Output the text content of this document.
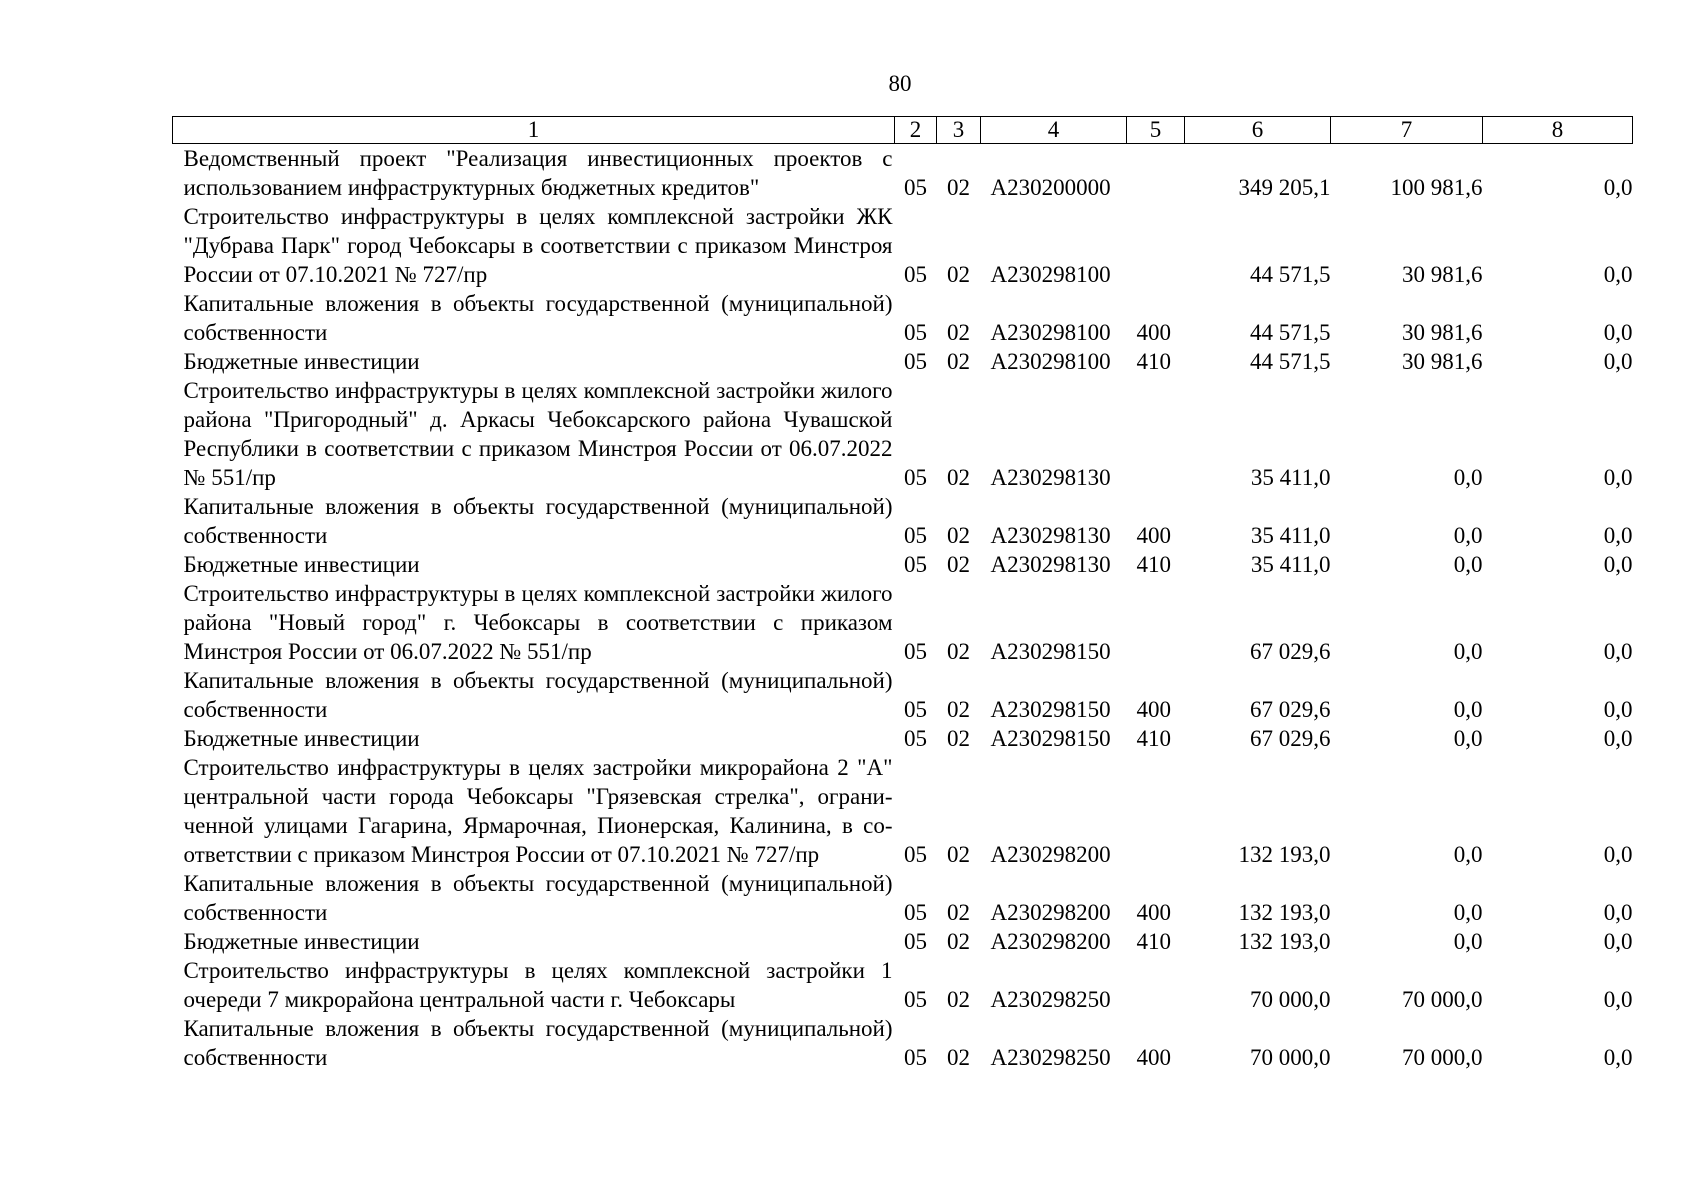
80
1	2	3	4	5	6	7	8
Ведомственный проект "Реализация инвестиционных проектов с использованием инфраструктурных бюджетных кредитов"	05	02	А230200000		349 205,1	100 981,6	0,0
Строительство инфраструктуры в целях комплексной застройки ЖК "Дубрава Парк" город Чебоксары в соответствии с приказом Минстроя России от 07.10.2021 № 727/пр	05	02	А230298100		44 571,5	30 981,6	0,0
Капитальные вложения в объекты государственной (муниципальной) собственности	05	02	А230298100	400	44 571,5	30 981,6	0,0
Бюджетные инвестиции	05	02	А230298100	410	44 571,5	30 981,6	0,0
Строительство инфраструктуры в целях комплексной застройки жилого района "Пригородный" д. Аркасы Чебоксарского района Чувашской Республики в соответствии с приказом Минстроя России от 06.07.2022 № 551/пр	05	02	А230298130		35 411,0	0,0	0,0
Капитальные вложения в объекты государственной (муниципальной) собственности	05	02	А230298130	400	35 411,0	0,0	0,0
Бюджетные инвестиции	05	02	А230298130	410	35 411,0	0,0	0,0
Строительство инфраструктуры в целях комплексной застройки жилого района "Новый город" г. Чебоксары в соответствии с приказом Минстроя России от 06.07.2022 № 551/пр	05	02	А230298150		67 029,6	0,0	0,0
Капитальные вложения в объекты государственной (муниципальной) собственности	05	02	А230298150	400	67 029,6	0,0	0,0
Бюджетные инвестиции	05	02	А230298150	410	67 029,6	0,0	0,0
Строительство инфраструктуры в целях застройки микрорайона 2 "А" центральной части города Чебоксары "Грязевская стрелка", ограниченной улицами Гагарина, Ярмарочная, Пионерская, Калинина, в соответствии с приказом Минстроя России от 07.10.2021 № 727/пр	05	02	А230298200		132 193,0	0,0	0,0
Капитальные вложения в объекты государственной (муниципальной) собственности	05	02	А230298200	400	132 193,0	0,0	0,0
Бюджетные инвестиции	05	02	А230298200	410	132 193,0	0,0	0,0
Строительство инфраструктуры в целях комплексной застройки 1 очереди 7 микрорайона центральной части г. Чебоксары	05	02	А230298250		70 000,0	70 000,0	0,0
Капитальные вложения в объекты государственной (муниципальной) собственности	05	02	А230298250	400	70 000,0	70 000,0	0,0
